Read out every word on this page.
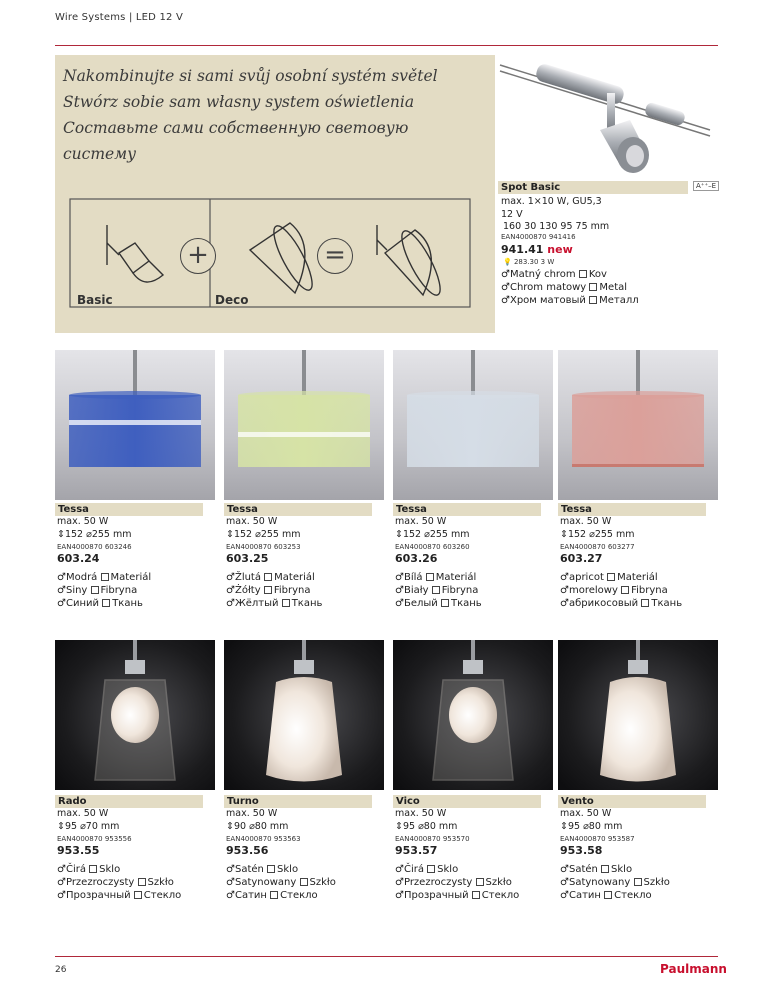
Wire Systems | LED 12 V
Nakombinujte si sami svůj osobní systém světel
Stwórz sobie sam własny system oświetlenia
Составьте сами собственную световую
систему
+	=
Basic	Deco
Spot Basic	A⁺⁺–E
max. 1×10 W, GU5,3
12 V
160 30 130 95 75 mm
EAN4000870 941416
941.41 new
💡 283.30 3 W
♂Matný chrom Kov
♂Chrom matowy Metal
♂Хром матовый Металл
Tessa
max. 50 W
⇕152 ⌀255 mm
EAN4000870 603246
603.24
♂Modrá Materiál
♂Siny Fibryna
♂Синий Ткань
Tessa
max. 50 W
⇕152 ⌀255 mm
EAN4000870 603253
603.25
♂Žlutá Materiál
♂Żółty Fibryna
♂Жёлтый Ткань
Tessa
max. 50 W
⇕152 ⌀255 mm
EAN4000870 603260
603.26
♂Bílá Materiál
♂Biały Fibryna
♂Белый Ткань
Tessa
max. 50 W
⇕152 ⌀255 mm
EAN4000870 603277
603.27
♂apricot Materiál
♂morelowy Fibryna
♂абрикосовый Ткань
Rado
max. 50 W
⇕95 ⌀70 mm
EAN4000870 953556
953.55
♂Čirá Sklo
♂Przezroczysty Szkło
♂Прозрачный Стекло
Turno
max. 50 W
⇕90 ⌀80 mm
EAN4000870 953563
953.56
♂Satén Sklo
♂Satynowany Szkło
♂Сатин Стекло
Vico
max. 50 W
⇕95 ⌀80 mm
EAN4000870 953570
953.57
♂Čirá Sklo
♂Przezroczysty Szkło
♂Прозрачный Стекло
Vento
max. 50 W
⇕95 ⌀80 mm
EAN4000870 953587
953.58
♂Satén Sklo
♂Satynowany Szkło
♂Сатин Стекло
26	Paulmann
